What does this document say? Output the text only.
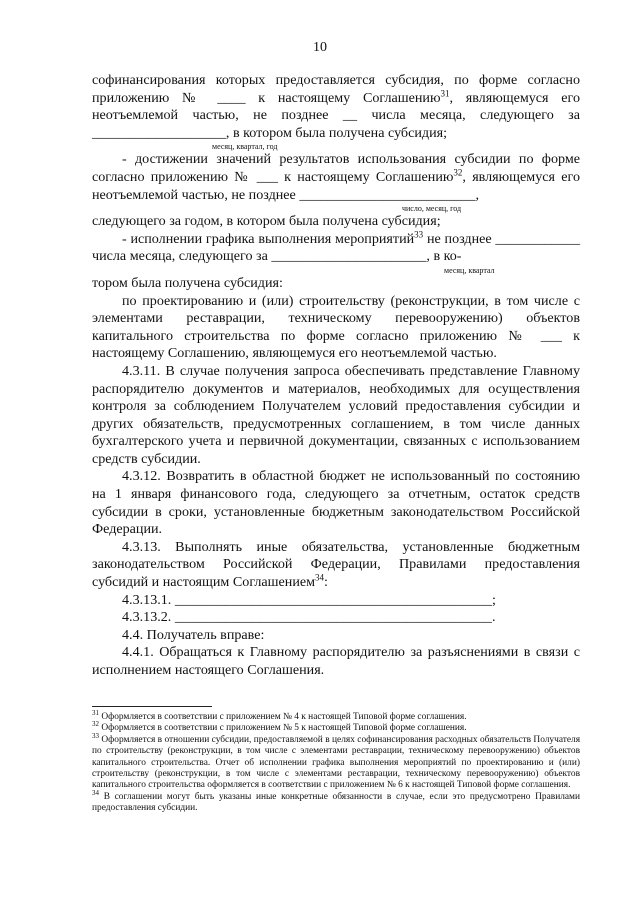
10

софинансирования которых предоставляется субсидия, по форме согласно приложению № ____ к настоящему Соглашению$^{31}$, являющемуся его неотъемлемой частью, не позднее __ числа месяца, следующего за ___________________, в котором была получена субсидия;
месяц, квартал, год

- достижении значений результатов использования субсидии по форме согласно приложению № ___ к настоящему Соглашению$^{32}$, являющемуся его неотъемлемой частью, не позднее _________________________,
число, месяц, год
следующего за годом, в котором была получена субсидия;

- исполнении графика выполнения мероприятий$^{33}$ не позднее ____________ числа месяца, следующего за ______________________, в ко-
месяц, квартал
тором была получена субсидия:

по проектированию и (или) строительству (реконструкции, в том числе с элементами реставрации, техническому перевооружению) объектов капитального строительства по форме согласно приложению № ___ к настоящему Соглашению, являющемуся его неотъемлемой частью.

4.3.11. В случае получения запроса обеспечивать представление Главному распорядителю документов и материалов, необходимых для осуществления контроля за соблюдением Получателем условий предоставления субсидии и других обязательств, предусмотренных соглашением, в том числе данных бухгалтерского учета и первичной документации, связанных с использованием средств субсидии.

4.3.12. Возвратить в областной бюджет не использованный по состоянию на 1 января финансового года, следующего за отчетным, остаток средств субсидии в сроки, установленные бюджетным законодательством Российской Федерации.

4.3.13. Выполнять иные обязательства, установленные бюджетным законодательством Российской Федерации, Правилами предоставления субсидий и настоящим Соглашением$^{34}$:

4.3.13.1. _____________________________________________;

4.3.13.2. _____________________________________________.

4.4. Получатель вправе:

4.4.1. Обращаться к Главному распорядителю за разъяснениями в связи с исполнением настоящего Соглашения.

$^{31}$ Оформляется в соответствии с приложением № 4 к настоящей Типовой форме соглашения.

$^{32}$ Оформляется в соответствии с приложением № 5 к настоящей Типовой форме соглашения.

$^{33}$ Оформляется в отношении субсидии, предоставляемой в целях софинансирования расходных обязательств Получателя по строительству (реконструкции, в том числе с элементами реставрации, техническому перевооружению) объектов капитального строительства. Отчет об исполнении графика выполнения мероприятий по проектированию и (или) строительству (реконструкции, в том числе с элементами реставрации, техническому перевооружению) объектов капитального строительства оформляется в соответствии с приложением № 6 к настоящей Типовой форме соглашения.

$^{34}$ В соглашении могут быть указаны иные конкретные обязанности в случае, если это предусмотрено Правилами предоставления субсидии.
